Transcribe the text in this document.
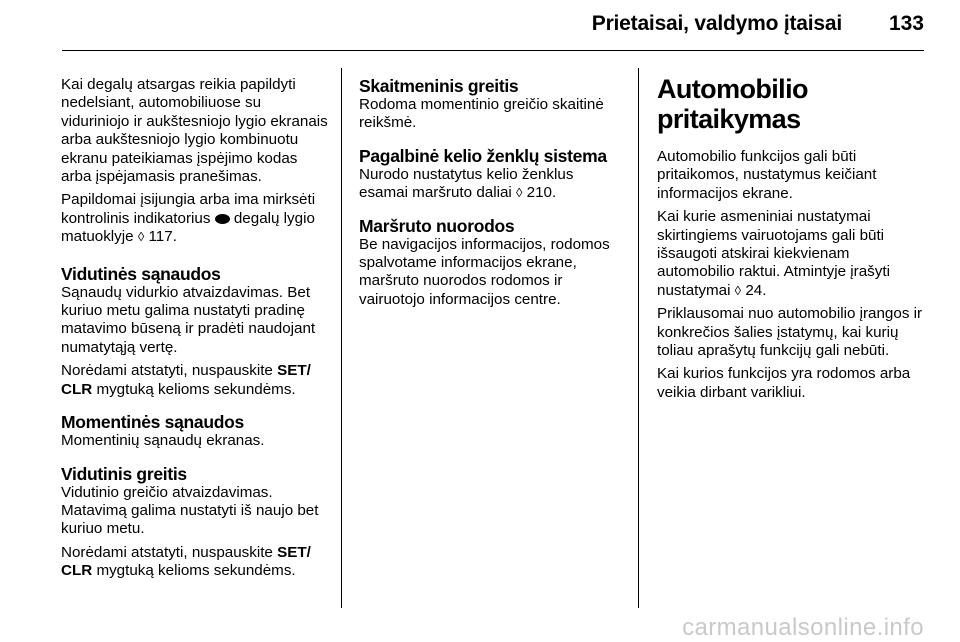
Prietaisai, valdymo įtaisai 133

Kai degalų atsargas reikia papildyti nedelsiant, automobiliuose su viduriniojo ir aukštesniojo lygio ekranais arba aukštesniojo lygio kombinuotu ekranu pateikiamas įspėjimo kodas arba įspėjamasis pranešimas.

Papildomai įsijungia arba ima mirksėti kontrolinis indikatorius  degalų lygio matuoklyje ◊ 117.

Vidutinės sąnaudos

Sąnaudų vidurkio atvaizdavimas. Bet kuriuo metu galima nustatyti pradinę matavimo būseną ir pradėti naudojant numatytąją vertę.

Norėdami atstatyti, nuspauskite SET/ CLR mygtuką kelioms sekundėms.

Momentinės sąnaudos

Momentinių sąnaudų ekranas.

Vidutinis greitis

Vidutinio greičio atvaizdavimas. Matavimą galima nustatyti iš naujo bet kuriuo metu.

Norėdami atstatyti, nuspauskite SET/ CLR mygtuką kelioms sekundėms.

Skaitmeninis greitis

Rodoma momentinio greičio skaitinė reikšmė.

Pagalbinė kelio ženklų sistema

Nurodo nustatytus kelio ženklus esamai maršruto daliai ◊ 210.

Maršruto nuorodos

Be navigacijos informacijos, rodomos spalvotame informacijos ekrane, maršruto nuorodos rodomos ir vairuotojo informacijos centre.

Automobilio pritaikymas

Automobilio funkcijos gali būti pritaikomos, nustatymus keičiant informacijos ekrane.

Kai kurie asmeniniai nustatymai skirtingiems vairuotojams gali būti išsaugoti atskirai kiekvienam automobilio raktui. Atmintyje įrašyti nustatymai ◊ 24.

Priklausomai nuo automobilio įrangos ir konkrečios šalies įstatymų, kai kurių toliau aprašytų funkcijų gali nebūti.

Kai kurios funkcijos yra rodomos arba veikia dirbant varikliui.

carmanualsonline.info
